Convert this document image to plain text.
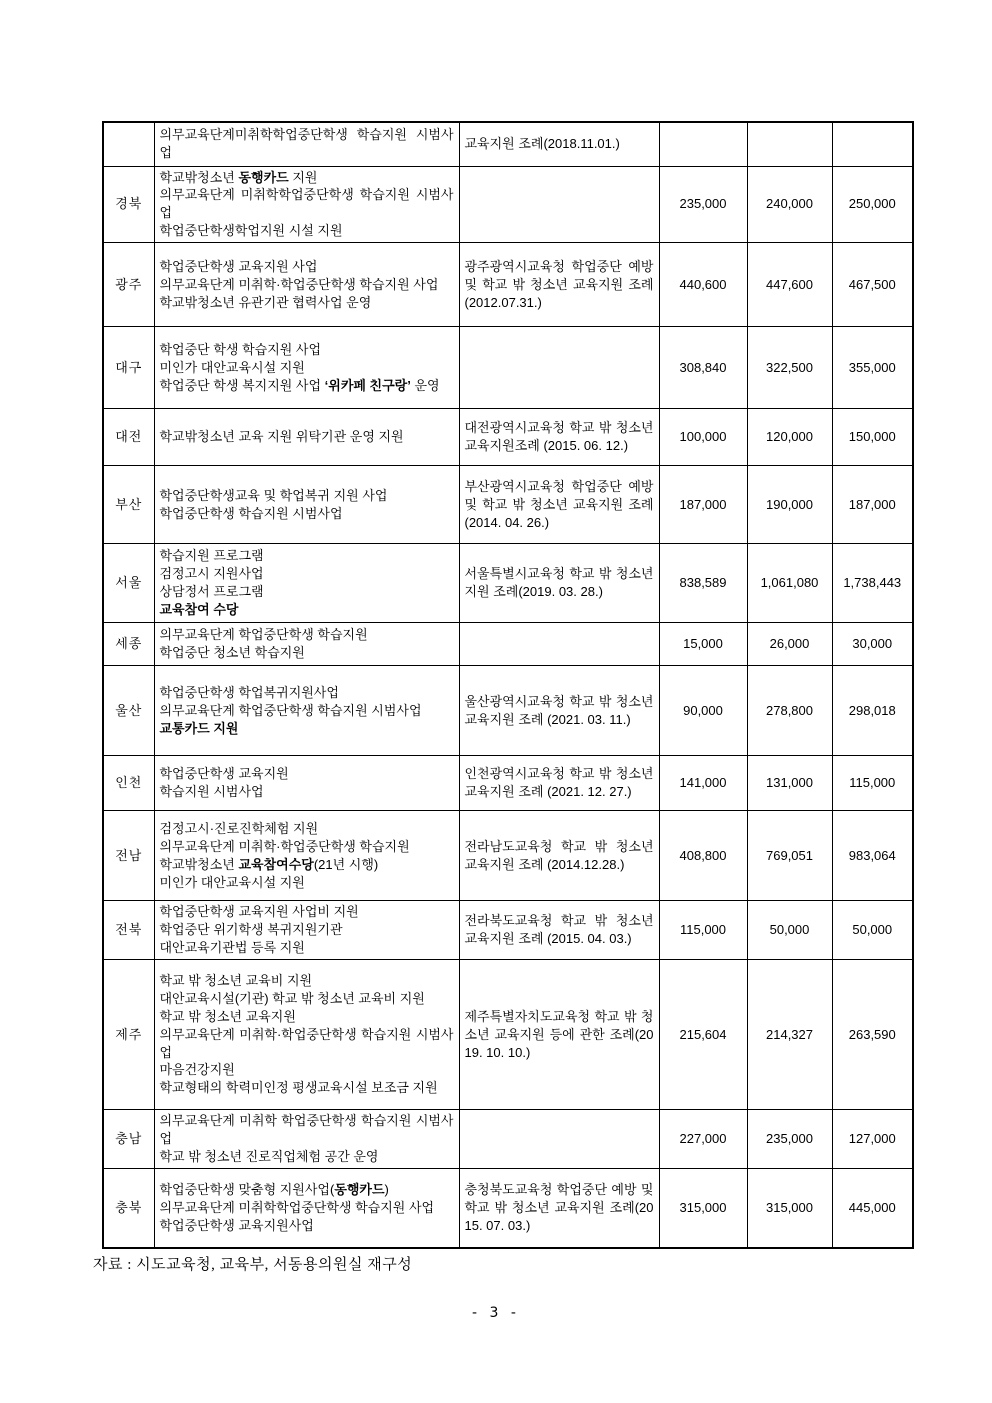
	의무교육단계미취학학업중단학생 학습지원 시범사업	교육지원 조례(2018.11.01.)			
경북	학교밖청소년 동행카드 지원
의무교육단계 미취학학업중단학생 학습지원 시범사업
학업중단학생학업지원 시설 지원		235,000	240,000	250,000
광주	학업중단학생 교육지원 사업
의무교육단계 미취학·학업중단학생 학습지원 사업
학교밖청소년 유관기관 협력사업 운영	광주광역시교육청 학업중단 예방 및 학교 밖 청소년 교육지원 조례 (2012.07.31.)	440,600	447,600	467,500
대구	학업중단 학생 학습지원 사업
미인가 대안교육시설 지원
학업중단 학생 복지지원 사업 ‘위카페 친구랑’ 운영		308,840	322,500	355,000
대전	학교밖청소년 교육 지원 위탁기관 운영 지원	대전광역시교육청 학교 밖 청소년 교육지원조례 (2015. 06. 12.)	100,000	120,000	150,000
부산	학업중단학생교육 및 학업복귀 지원 사업
학업중단학생 학습지원 시범사업	부산광역시교육청 학업중단 예방 및 학교 밖 청소년 교육지원 조례(2014. 04. 26.)	187,000	190,000	187,000
서울	학습지원 프로그램
검정고시 지원사업
상담정서 프로그램
교육참여 수당	서울특별시교육청 학교 밖 청소년 지원 조례(2019. 03. 28.)	838,589	1,061,080	1,738,443
세종	의무교육단계 학업중단학생 학습지원
학업중단 청소년 학습지원		15,000	26,000	30,000
울산	학업중단학생 학업복귀지원사업
의무교육단계 학업중단학생 학습지원 시범사업
교통카드 지원	울산광역시교육청 학교 밖 청소년 교육지원 조례 (2021. 03. 11.)	90,000	278,800	298,018
인천	학업중단학생 교육지원
학습지원 시범사업	인천광역시교육청 학교 밖 청소년 교육지원 조례 (2021. 12. 27.)	141,000	131,000	115,000
전남	검정고시·진로진학체험 지원
의무교육단계 미취학·학업중단학생 학습지원
학교밖청소년 교육참여수당(21년 시행)
미인가 대안교육시설 지원	전라남도교육청 학교 밖 청소년 교육지원 조례 (2014.12.28.)	408,800	769,051	983,064
전북	학업중단학생 교육지원 사업비 지원
학업중단 위기학생 복귀지원기관
대안교육기관법 등록 지원	전라북도교육청 학교 밖 청소년 교육지원 조례 (2015. 04. 03.)	115,000	50,000	50,000
제주	
학교 밖 청소년 교육비 지원
대안교육시설(기관) 학교 밖 청소년 교육비 지원
학교 밖 청소년 교육지원
의무교육단계 미취학·학업중단학생 학습지원 시범사업
마음건강지원
학교형태의 학력미인정 평생교육시설 보조금 지원
	제주특별자치도교육청 학교 밖 청소년 교육지원 등에 관한 조례(2019. 10. 10.)	215,604	214,327	263,590
충남	의무교육단계 미취학 학업중단학생 학습지원 시범사업
학교 밖 청소년 진로직업체험 공간 운영		227,000	235,000	127,000
충북	학업중단학생 맞춤형 지원사업(동행카드)
의무교육단계 미취학학업중단학생 학습지원 사업
학업중단학생 교육지원사업	충청북도교육청 학업중단 예방 및 학교 밖 청소년 교육지원 조례(2015. 07. 03.)	315,000	315,000	445,000
자료 : 시도교육청, 교육부, 서동용의원실 재구성
- 3 -
